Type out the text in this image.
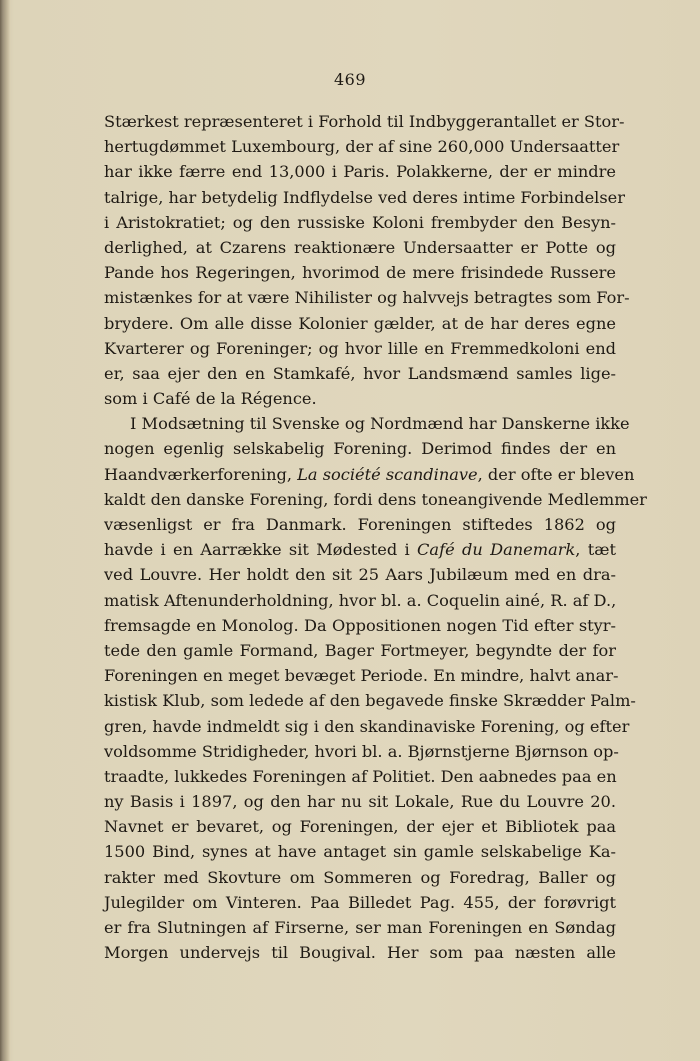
469
Stærkest repræsenteret i Forhold til Indbyggerantallet er Stor-
hertugdømmet Luxembourg, der af sine 260,000 Undersaatter
har ikke færre end 13,000 i Paris. Polakkerne, der er mindre
talrige, har betydelig Indflydelse ved deres intime Forbindelser
i Aristokratiet; og den russiske Koloni frembyder den Besyn-
derlighed, at Czarens reaktionære Undersaatter er Potte og
Pande hos Regeringen, hvorimod de mere frisindede Russere
mistænkes for at være Nihilister og halvvejs betragtes som For-
brydere. Om alle disse Kolonier gælder, at de har deres egne
Kvarterer og Foreninger; og hvor lille en Fremmedkoloni end
er, saa ejer den en Stamkafé, hvor Landsmænd samles lige-
som i Café de la Régence.
I Modsætning til Svenske og Nordmænd har Danskerne ikke
nogen egenlig selskabelig Forening. Derimod findes der en
Haandværkerforening, La société scandinave, der ofte er bleven
kaldt den danske Forening, fordi dens toneangivende Medlemmer
væsenligst er fra Danmark. Foreningen stiftedes 1862 og
havde i en Aarrække sit Mødested i Café du Danemark, tæt
ved Louvre. Her holdt den sit 25 Aars Jubilæum med en dra-
matisk Aftenunderholdning, hvor bl. a. Coquelin ainé, R. af D.,
fremsagde en Monolog. Da Oppositionen nogen Tid efter styr-
tede den gamle Formand, Bager Fortmeyer, begyndte der for
Foreningen en meget bevæget Periode. En mindre, halvt anar-
kistisk Klub, som ledede af den begavede finske Skrædder Palm-
gren, havde indmeldt sig i den skandinaviske Forening, og efter
voldsomme Stridigheder, hvori bl. a. Bjørnstjerne Bjørnson op-
traadte, lukkedes Foreningen af Politiet. Den aabnedes paa en
ny Basis i 1897, og den har nu sit Lokale, Rue du Louvre 20.
Navnet er bevaret, og Foreningen, der ejer et Bibliotek paa
1500 Bind, synes at have antaget sin gamle selskabelige Ka-
rakter med Skovture om Sommeren og Foredrag, Baller og
Julegilder om Vinteren. Paa Billedet Pag. 455, der forøvrigt
er fra Slutningen af Firserne, ser man Foreningen en Søndag
Morgen undervejs til Bougival. Her som paa næsten alle
